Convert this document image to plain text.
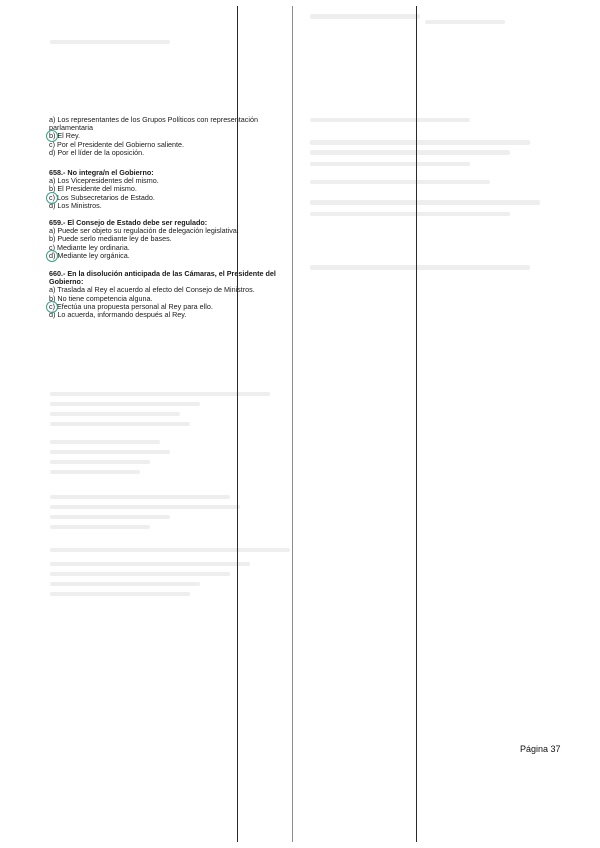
a) Los representantes de los Grupos Políticos con representación parlamentaria

b) El Rey.

c) Por el Presidente del Gobierno saliente.

d) Por el líder de la oposición.

658.- No integra/n el Gobierno:

a) Los Vicepresidentes del mismo.

b) El Presidente del mismo.

c) Los Subsecretarios de Estado.

d) Los Ministros.

659.- El Consejo de Estado debe ser regulado:

a) Puede ser objeto su regulación de delegación legislativa.

b) Puede serlo mediante ley de bases.

c) Mediante ley ordinaria.

d) Mediante ley orgánica.

660.- En la disolución anticipada de las Cámaras, el Presidente del Gobierno:

a) Traslada al Rey el acuerdo al efecto del Consejo de Ministros.

b) No tiene competencia alguna.

c) Efectúa una propuesta personal al Rey para ello.

d) Lo acuerda, informando después al Rey.

Página 37
